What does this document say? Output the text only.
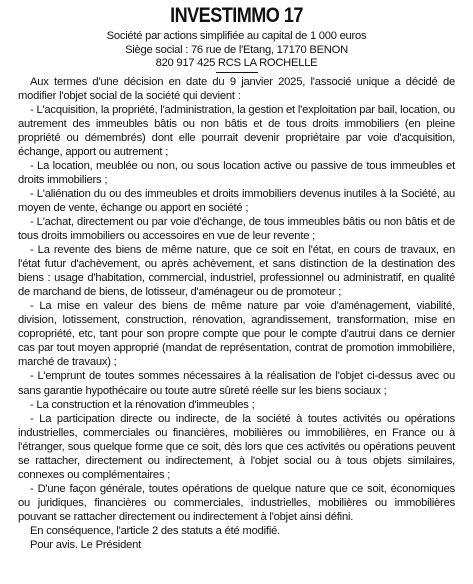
INVESTIMMO 17

Société par actions simplifiée au capital de 1 000 euros

Siège social : 76 rue de l'Etang, 17170 BENON

820 917 425 RCS LA ROCHELLE

Aux termes d'une décision en date du 9 janvier 2025, l'associé unique a décidé de modifier l'objet social de la société qui devient :

- L'acquisition, la propriété, l'administration, la gestion et l'exploitation par bail, location, ou autrement des immeubles bâtis ou non bâtis et de tous droits immobiliers (en pleine propriété ou démembrés) dont elle pourrait devenir propriétaire par voie d'acquisition, échange, apport ou autrement ;

- La location, meublée ou non, ou sous location active ou passive de tous immeubles et droits immobiliers ;

- L'aliénation du ou des immeubles et droits immobiliers devenus inutiles à la Société, au moyen de vente, échange ou apport en société ;

- L'achat, directement ou par voie d'échange, de tous immeubles bâtis ou non bâtis et de tous droits immobiliers ou accessoires en vue de leur revente ;

- La revente des biens de même nature, que ce soit en l'état, en cours de travaux, en l'état futur d'achèvement, ou après achèvement, et sans distinction de la destination des biens : usage d'habitation, commercial, industriel, professionnel ou administratif, en qualité de marchand de biens, de lotisseur, d'aménageur ou de promoteur ;

- La mise en valeur des biens de même nature par voie d'aménagement, viabilité, division, lotissement, construction, rénovation, agrandissement, transformation, mise en copropriété, etc, tant pour son propre compte que pour le compte d'autrui dans ce dernier cas par tout moyen approprié (mandat de représentation, contrat de promotion immobilière, marché de travaux) ;

- L'emprunt de toutes sommes nécessaires à la réalisation de l'objet ci-dessus avec ou sans garantie hypothécaire ou toute autre sûreté réelle sur les biens sociaux ;

- La construction et la rénovation d'immeubles ;

- La participation directe ou indirecte, de la société à toutes activités ou opérations industrielles, commerciales ou financières, mobilières ou immobilières, en France ou à l'étranger, sous quelque forme que ce soit, dès lors que ces activités ou opérations peuvent se rattacher, directement ou indirectement, à l'objet social ou à tous objets similaires, connexes ou complémentaires ;

- D'une façon générale, toutes opérations de quelque nature que ce soit, économiques ou juridiques, financières ou commerciales, industrielles, mobilières ou immobilières pouvant se rattacher directement ou indirectement à l'objet ainsi défini.

En conséquence, l'article 2 des statuts a été modifié.

Pour avis. Le Président
